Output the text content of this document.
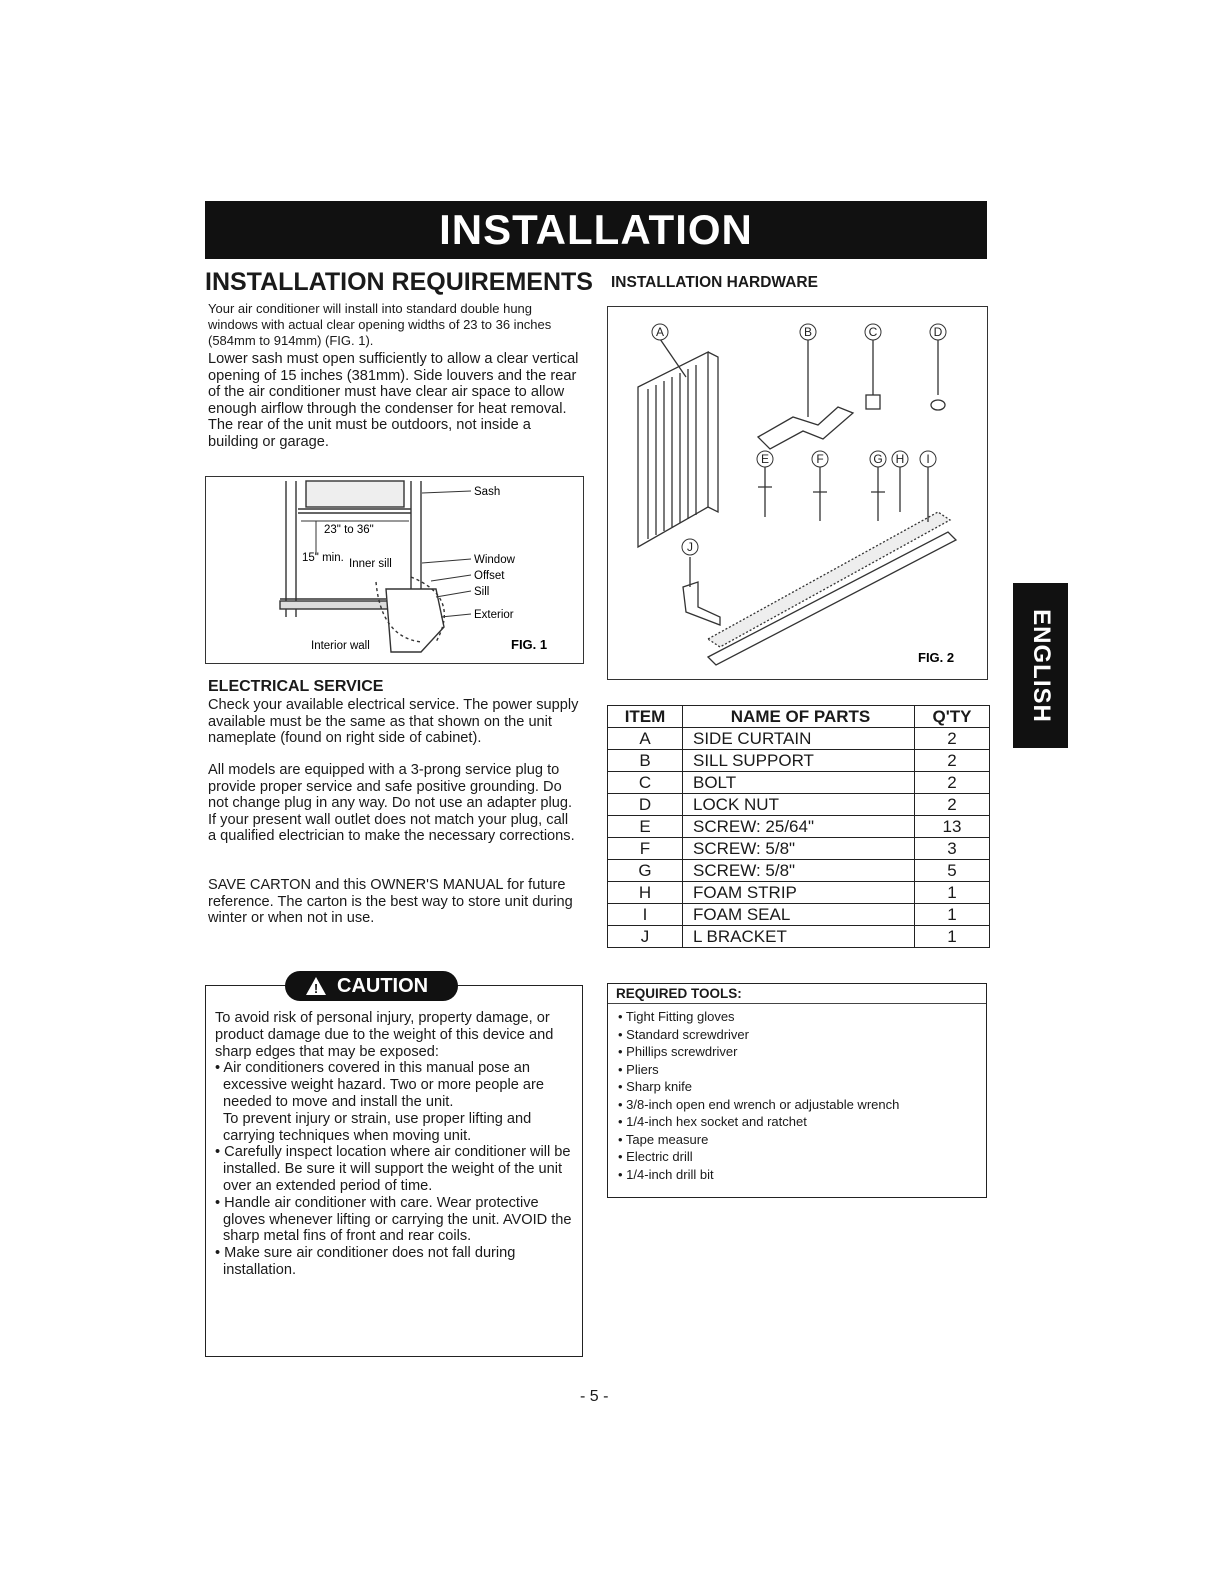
INSTALLATION
INSTALLATION REQUIREMENTS
Your air conditioner will install into standard double hung windows with actual clear opening widths of 23 to 36 inches (584mm to 914mm) (FIG. 1).
Lower sash must open sufficiently to allow a clear vertical opening of 15 inches (381mm). Side louvers and the rear of the air conditioner must have clear air space to allow enough airflow through the condenser for heat removal. The rear of the unit must be outdoors, not inside a building or garage.
Sash
23" to 36"
15" min. Inner sill	Window
Offset
Sill
Exterior
Interior wall	FIG. 1
ELECTRICAL SERVICE
Check your available electrical service. The power supply available must be the same as that shown on the unit nameplate (found on right side of cabinet).
All models are equipped with a 3-prong service plug to provide proper service and safe positive grounding. Do not change plug in any way. Do not use an adapter plug. If your present wall outlet does not match your plug, call a qualified electrician to make the necessary corrections.
SAVE CARTON and this OWNER'S MANUAL for future reference. The carton is the best way to store unit during winter or when not in use.
INSTALLATION HARDWARE
A	B	C	D
E	F	G H I
J
FIG. 2
ITEM	NAME OF PARTS	Q'TY
A	SIDE CURTAIN	2
B	SILL SUPPORT	2
C	BOLT	2
D	LOCK NUT	2
E	SCREW: 25/64"	13
F	SCREW: 5/8"	3
G	SCREW: 5/8"	5
H	FOAM STRIP	1
I	FOAM SEAL	1
J	L BRACKET	1
REQUIRED TOOLS:
• Tight Fitting gloves
• Standard screwdriver
• Phillips screwdriver
• Pliers
• Sharp knife
• 3/8-inch open end wrench or adjustable wrench
• 1/4-inch hex socket and ratchet
• Tape measure
• Electric drill
• 1/4-inch drill bit
! CAUTION

To avoid risk of personal injury, property damage, or product damage due to the weight of this device and sharp edges that may be exposed:

• Air conditioners covered in this manual pose an excessive weight hazard. Two or more people are needed to move and install the unit.

To prevent injury or strain, use proper lifting and carrying techniques when moving unit.

• Carefully inspect location where air conditioner will be installed. Be sure it will support the weight of the unit over an extended period of time.

• Handle air conditioner with care. Wear protective gloves whenever lifting or carrying the unit. AVOID the sharp metal fins of front and rear coils.

• Make sure air conditioner does not fall during installation.

ENGLISH
- 5 -
